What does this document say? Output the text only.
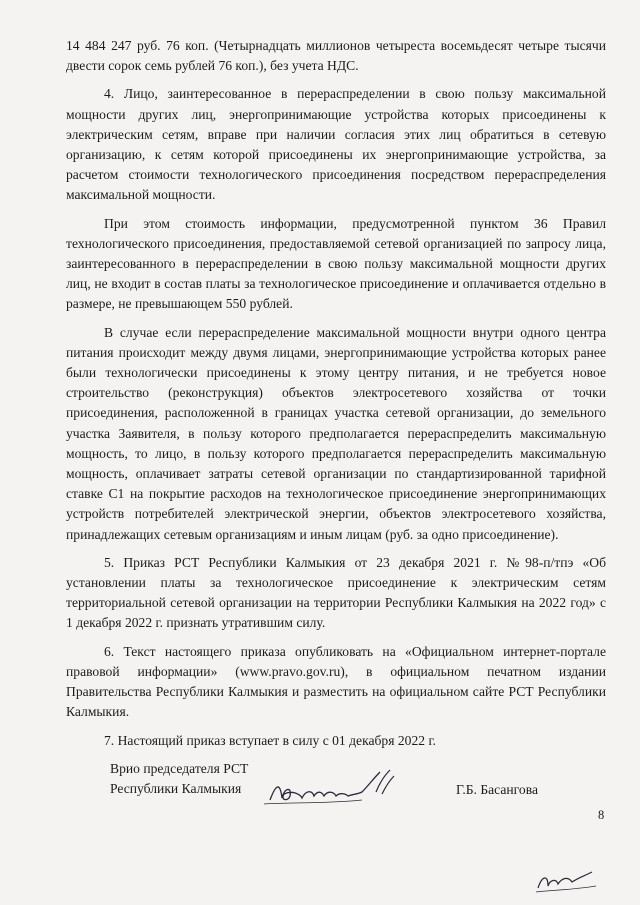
14 484 247 руб. 76 коп. (Четырнадцать миллионов четыреста восемьдесят четыре тысячи двести сорок семь рублей 76 коп.), без учета НДС.

4. Лицо, заинтересованное в перераспределении в свою пользу максимальной мощности других лиц, энергопринимающие устройства которых присоединены к электрическим сетям, вправе при наличии согласия этих лиц обратиться в сетевую организацию, к сетям которой присоединены их энергопринимающие устройства, за расчетом стоимости технологического присоединения посредством перераспределения максимальной мощности.

При этом стоимость информации, предусмотренной пунктом 36 Правил технологического присоединения, предоставляемой сетевой организацией по запросу лица, заинтересованного в перераспределении в свою пользу максимальной мощности других лиц, не входит в состав платы за технологическое присоединение и оплачивается отдельно в размере, не превышающем 550 рублей.

В случае если перераспределение максимальной мощности внутри одного центра питания происходит между двумя лицами, энергопринимающие устройства которых ранее были технологически присоединены к этому центру питания, и не требуется новое строительство (реконструкция) объектов электросетевого хозяйства от точки присоединения, расположенной в границах участка сетевой организации, до земельного участка Заявителя, в пользу которого предполагается перераспределить максимальную мощность, то лицо, в пользу которого предполагается перераспределить максимальную мощность, оплачивает затраты сетевой организации по стандартизированной тарифной ставке С1 на покрытие расходов на технологическое присоединение энергопринимающих устройств потребителей электрической энергии, объектов электросетевого хозяйства, принадлежащих сетевым организациям и иным лицам (руб. за одно присоединение).

5. Приказ РСТ Республики Калмыкия от 23 декабря 2021 г. №98-п/тпэ «Об установлении платы за технологическое присоединение к электрическим сетям территориальной сетевой организации на территории Республики Калмыкия на 2022 год» с 1 декабря 2022 г. признать утратившим силу.

6. Текст настоящего приказа опубликовать на «Официальном интернет-портале правовой информации» (www.pravo.gov.ru), в официальном печатном издании Правительства Республики Калмыкия и разместить на официальном сайте РСТ Республики Калмыкия.

7. Настоящий приказ вступает в силу с 01 декабря 2022 г.

Врио председателя РСТ
Республики Калмыкия	Г.Б. Басангова
8
